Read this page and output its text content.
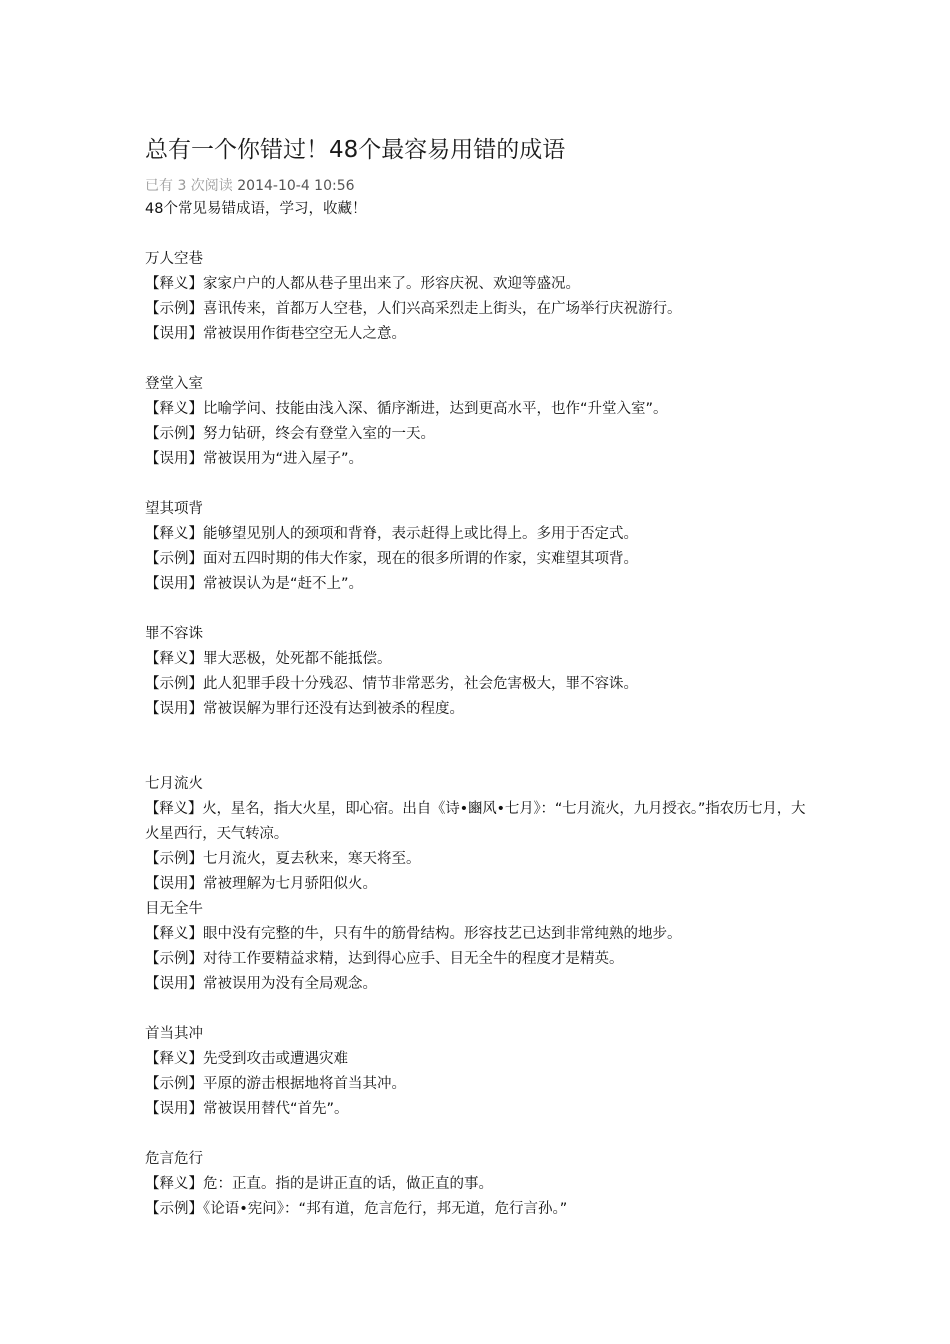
总有一个你错过！48个最容易用错的成语
已有 3 次阅读 2014-10-4 10:56
48个常见易错成语，学习，收藏！
万人空巷
【释义】家家户户的人都从巷子里出来了。形容庆祝、欢迎等盛况。
【示例】喜讯传来，首都万人空巷，人们兴高采烈走上街头，在广场举行庆祝游行。
【误用】常被误用作街巷空空无人之意。
登堂入室
【释义】比喻学问、技能由浅入深、循序渐进，达到更高水平，也作“升堂入室”。
【示例】努力钻研，终会有登堂入室的一天。
【误用】常被误用为“进入屋子”。
望其项背
【释义】能够望见别人的颈项和背脊，表示赶得上或比得上。多用于否定式。
【示例】面对五四时期的伟大作家，现在的很多所谓的作家，实难望其项背。
【误用】常被误认为是“赶不上”。
罪不容诛
【释义】罪大恶极，处死都不能抵偿。
【示例】此人犯罪手段十分残忍、情节非常恶劣，社会危害极大，罪不容诛。
【误用】常被误解为罪行还没有达到被杀的程度。
七月流火
【释义】火，星名，指大火星，即心宿。出自《诗•豳风•七月》：“七月流火，九月授衣。”指农历七月，大火星西行，天气转凉。
【示例】七月流火，夏去秋来，寒天将至。
【误用】常被理解为七月骄阳似火。
目无全牛
【释义】眼中没有完整的牛，只有牛的筋骨结构。形容技艺已达到非常纯熟的地步。
【示例】对待工作要精益求精，达到得心应手、目无全牛的程度才是精英。
【误用】常被误用为没有全局观念。
首当其冲
【释义】先受到攻击或遭遇灾难
【示例】平原的游击根据地将首当其冲。
【误用】常被误用替代“首先”。
危言危行
【释义】危：正直。指的是讲正直的话，做正直的事。
【示例】《论语•宪问》：“邦有道，危言危行，邦无道，危行言孙。”
